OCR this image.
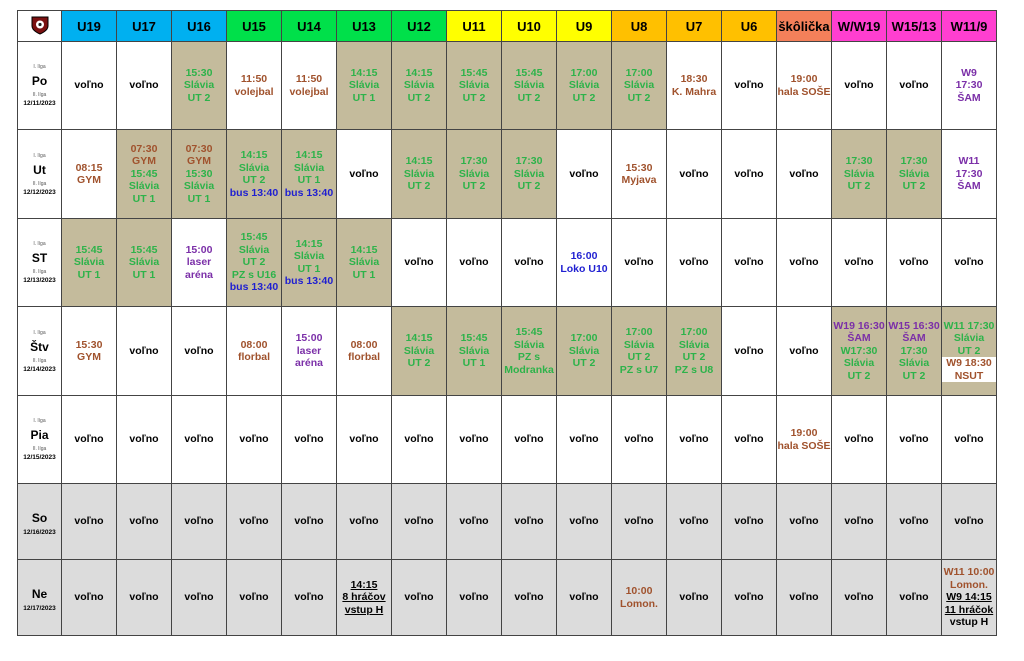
	U19	U17	U16	U15	U14	U13	U12	U11	U10	U9	U8	U7	U6	škôlička	W/W19	W15/13	W11/9

I. líga
Po
II. líga
12/11/2023	voľno	voľno	15:30
Slávia
UT 2	11:50
volejbal	11:50
volejbal	14:15
Slávia
UT 1	14:15
Slávia
UT 2	15:45
Slávia
UT 2	15:45
Slávia
UT 2	17:00
Slávia
UT 2	17:00
Slávia
UT 2	18:30
K. Mahra	voľno	19:00
hala SOŠE	voľno	voľno	W9
17:30
ŠAM

I. líga
Ut
II. líga
12/12/2023	08:15
GYM	07:30
GYM
15:45
Slávia
UT 1	07:30
GYM
15:30
Slávia
UT 1	14:15
Slávia
UT 2
bus 13:40	14:15
Slávia
UT 1
bus 13:40	voľno	14:15
Slávia
UT 2	17:30
Slávia
UT 2	17:30
Slávia
UT 2	voľno	15:30
Myjava	voľno	voľno	voľno	17:30
Slávia
UT 2	17:30
Slávia
UT 2	W11
17:30
ŠAM

I. líga
ST
II. líga
12/13/2023	15:45
Slávia
UT 1	15:45
Slávia
UT 1	15:00
laser
aréna	15:45
Slávia
UT 2
PZ s U16
bus 13:40	14:15
Slávia
UT 1
bus 13:40	14:15
Slávia
UT 1	voľno	voľno	voľno	16:00
Loko U10	voľno	voľno	voľno	voľno	voľno	voľno	voľno

I. líga
Štv
II. líga
12/14/2023	15:30
GYM	voľno	voľno	08:00
florbal	15:00
laser
aréna	08:00
florbal	14:15
Slávia
UT 2	15:45
Slávia
UT 1	15:45
Slávia
PZ s
Modranka	17:00
Slávia
UT 2	17:00
Slávia
UT 2
PZ s U7	17:00
Slávia
UT 2
PZ s U8	voľno	voľno	W19 16:30
ŠAM
W17:30
Slávia
UT 2	W15 16:30
ŠAM
17:30
Slávia
UT 2	W11 17:30
Slávia
UT 2
W9 18:30
NSUT

I. líga
Pia
II. líga
12/15/2023	voľno	voľno	voľno	voľno	voľno	voľno	voľno	voľno	voľno	voľno	voľno	voľno	voľno	19:00
hala SOŠE	voľno	voľno	voľno

So
12/16/2023	voľno	voľno	voľno	voľno	voľno	voľno	voľno	voľno	voľno	voľno	voľno	voľno	voľno	voľno	voľno	voľno	voľno

Ne
12/17/2023	voľno	voľno	voľno	voľno	voľno	14:15
8 hráčov
vstup H	voľno	voľno	voľno	voľno	10:00
Lomon.	voľno	voľno	voľno	voľno	voľno	W11 10:00
Lomon.
W9 14:15
11 hráčok
vstup H
